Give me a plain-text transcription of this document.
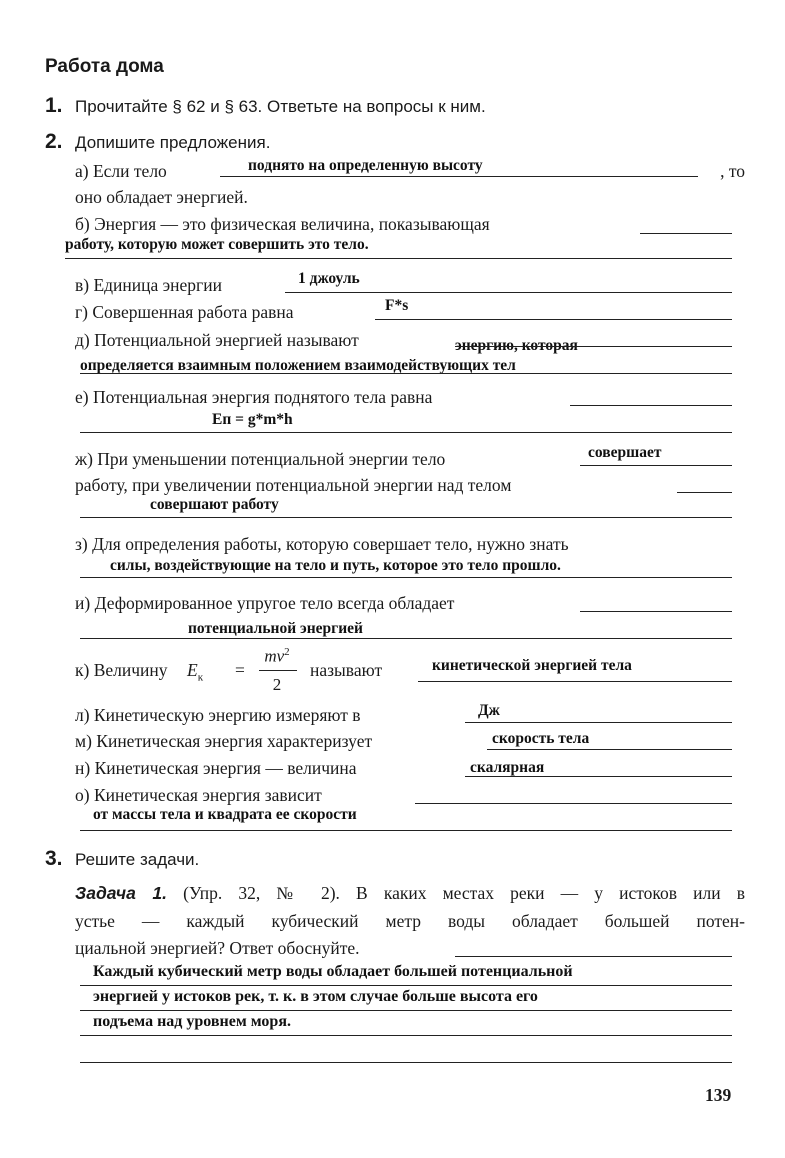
Работа дома
1. Прочитайте § 62 и § 63. Ответьте на вопросы к ним.
2. Допишите предложения.
а) Если тело	поднято на определенную высоту	, то
оно обладает энергией.
б) Энергия — это физическая величина, показывающая
работу, которую может совершить это тело.
в) Единица энергии	1 джоуль
г) Совершенная работа равна	F*s
д) Потенциальной энергией называют	энергию, которая
определяется взаимным положением взаимодействующих тел
е) Потенциальная энергия поднятого тела равна
Еп = g*m*h
ж) При уменьшении потенциальной энергии тело	совершает
работу, при увеличении потенциальной энергии над телом
совершают работу
з) Для определения работы, которую совершает тело, нужно знать
силы, воздействующие на тело и путь, которое это тело прошло.
и) Деформированное упругое тело всегда обладает
потенциальной энергией
к) Величину $E_к$ =
$mv^2$
2
называют	кинетической энергией тела
л) Кинетическую энергию измеряют в	Дж
м) Кинетическая энергия характеризует	скорость тела
н) Кинетическая энергия — величина	скалярная
о) Кинетическая энергия зависит
от массы тела и квадрата ее скорости
3. Решите задачи.
Задача 1. (Упр. 32, № 2). В каких местах реки — у истоков или в
устье — каждый кубический метр воды обладает большей потен-
циальной энергией? Ответ обоснуйте.
Каждый кубический метр воды обладает большей потенциальной
энергией у истоков рек, т. к. в этом случае больше высота его
подъема над уровнем моря.
139
